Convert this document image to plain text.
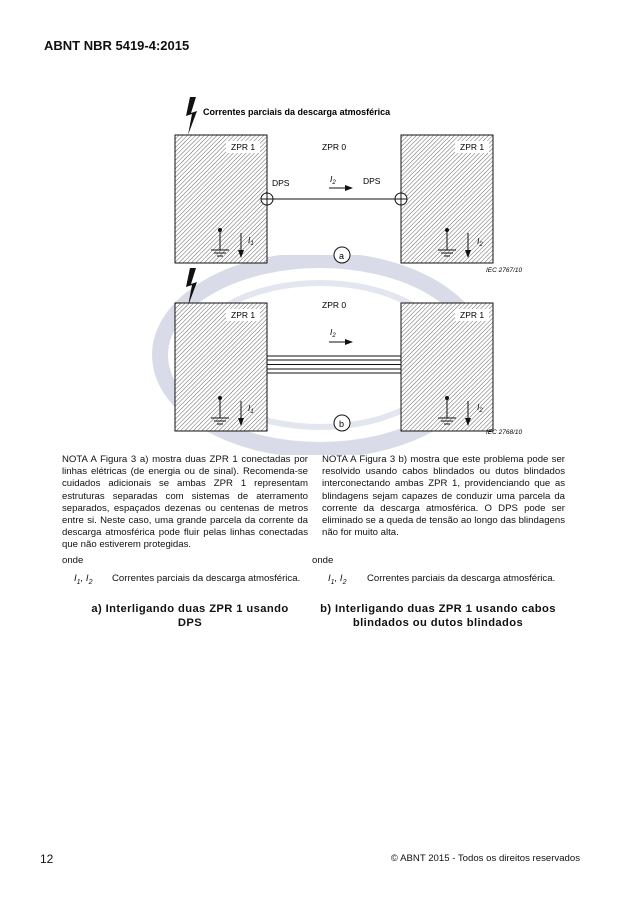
ABNT NBR 5419-4:2015
Correntes parciais da descarga atmosférica
ZPR 1	ZPR 1
ZPR 0
DPS	DPS
$I_2$
$I_1$	$I_2$
a
IEC 2767/10
ZPR 1	ZPR 1
ZPR 0
$I_2$
$I_1$	$I_2$
b
IEC 2768/10
NOTA A Figura 3 a) mostra duas ZPR 1 conectadas por linhas elétricas (de energia ou de sinal). Recomenda-se cuidados adicionais se ambas ZPR 1 representam estruturas separadas com sistemas de aterramento separados, espaçados dezenas ou centenas de metros entre si. Neste caso, uma grande parcela da corrente da descarga atmosférica pode fluir pelas linhas conectadas que não estiverem protegidas.
NOTA A Figura 3 b) mostra que este problema pode ser resolvido usando cabos blindados ou dutos blindados interconectando ambas ZPR 1, providenciando que as blindagens sejam capazes de conduzir uma parcela da corrente da descarga atmosférica. O DPS pode ser eliminado se a queda de tensão ao longo das blindagens não for muito alta.
onde	onde
$I_1$, $I_2$ Correntes parciais da descarga atmosférica.	$I_1$, $I_2$ Correntes parciais da descarga atmosférica.
a) Interligando duas ZPR 1 usando DPS
b) Interligando duas ZPR 1 usando cabos blindados ou dutos blindados
12	© ABNT 2015 - Todos os direitos reservados
